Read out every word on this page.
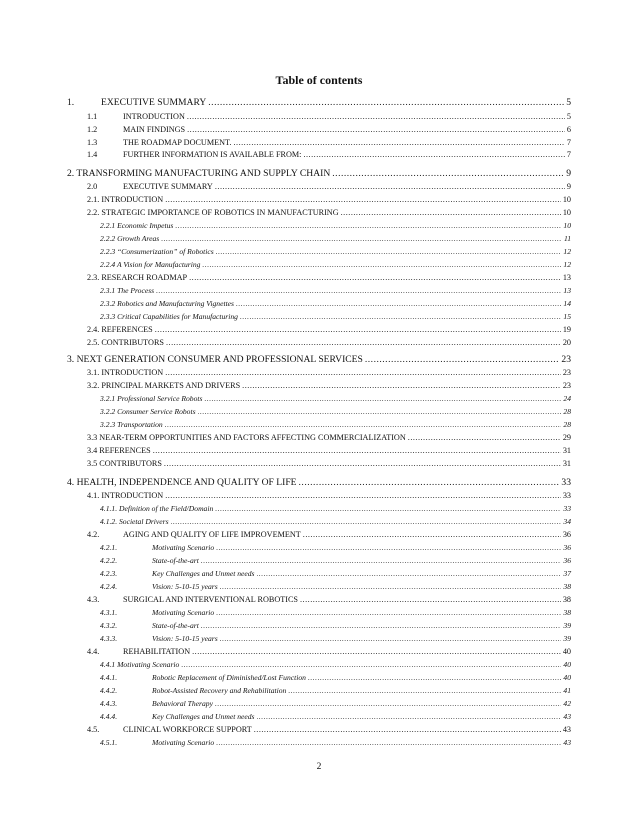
Table of contents
1.	EXECUTIVE SUMMARY .....	5
1.1	INTRODUCTION .....	5
1.2	MAIN FINDINGS .....	6
1.3	THE ROADMAP DOCUMENT. .....	7
1.4	FURTHER INFORMATION IS AVAILABLE FROM: .....	7
2. TRANSFORMING MANUFACTURING AND SUPPLY CHAIN .....	9
2.0	EXECUTIVE SUMMARY .....	9
2.1. INTRODUCTION .....	10
2.2. STRATEGIC IMPORTANCE OF ROBOTICS IN MANUFACTURING .....	10
2.2.1 Economic Impetus .....	10
2.2.2 Growth Areas .....	11
2.2.3 “Consumerization” of Robotics .....	12
2.2.4 A Vision for Manufacturing .....	12
2.3. RESEARCH ROADMAP .....	13
2.3.1 The Process .....	13
2.3.2 Robotics and Manufacturing Vignettes .....	14
2.3.3 Critical Capabilities for Manufacturing .....	15
2.4. REFERENCES .....	19
2.5. CONTRIBUTORS .....	20
3. NEXT GENERATION CONSUMER AND PROFESSIONAL SERVICES .....	23
3.1. INTRODUCTION .....	23
3.2. PRINCIPAL MARKETS AND DRIVERS .....	23
3.2.1 Professional Service Robots .....	24
3.2.2 Consumer Service Robots .....	28
3.2.3 Transportation .....	28
3.3 NEAR-TERM OPPORTUNITIES AND FACTORS AFFECTING COMMERCIALIZATION .....	29
3.4 REFERENCES .....	31
3.5 CONTRIBUTORS .....	31
4. HEALTH, INDEPENDENCE AND QUALITY OF LIFE .....	33
4.1. INTRODUCTION .....	33
4.1.1. Definition of the Field/Domain .....	33
4.1.2. Societal Drivers .....	34
4.2.	AGING AND QUALITY OF LIFE IMPROVEMENT .....	36
4.2.1.	Motivating Scenario .....	36
4.2.2.	State-of-the-art .....	36
4.2.3.	Key Challenges and Unmet needs .....	37
4.2.4.	Vision: 5-10-15 years .....	38
4.3.	SURGICAL AND INTERVENTIONAL ROBOTICS .....	38
4.3.1.	Motivating Scenario .....	38
4.3.2.	State-of-the-art .....	39
4.3.3.	Vision: 5-10-15 years .....	39
4.4.	REHABILITATION .....	40
4.4.1 Motivating Scenario .....	40
4.4.1.	Robotic Replacement of Diminished/Lost Function .....	40
4.4.2.	Robot-Assisted Recovery and Rehabilitation .....	41
4.4.3.	Behavioral Therapy .....	42
4.4.4.	Key Challenges and Unmet needs .....	43
4.5.	CLINICAL WORKFORCE SUPPORT .....	43
4.5.1.	Motivating Scenario .....	43
2
